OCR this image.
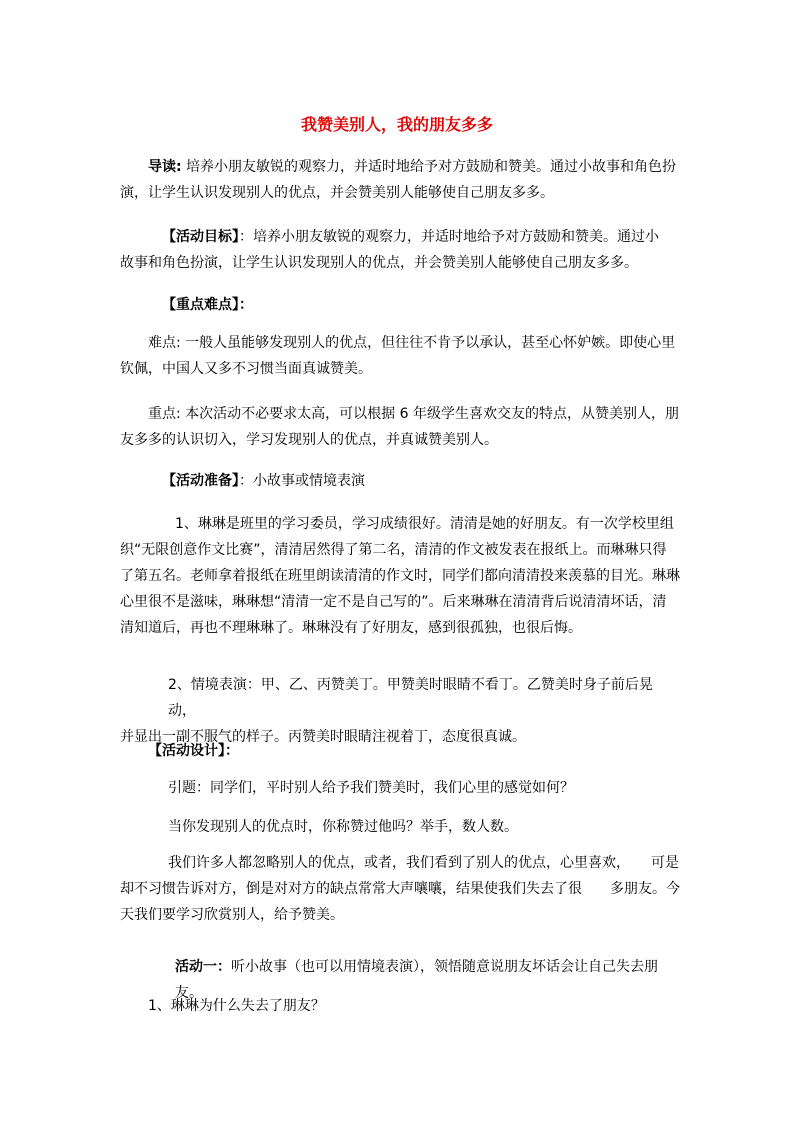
我赞美别人，我的朋友多多
导读: 培养小朋友敏锐的观察力，并适时地给予对方鼓励和赞美。通过小故事和角色扮
演，让学生认识发现别人的优点，并会赞美别人能够使自己朋友多多。
【活动目标】：培养小朋友敏锐的观察力，并适时地给予对方鼓励和赞美。通过小
故事和角色扮演，让学生认识发现别人的优点，并会赞美别人能够使自己朋友多多。
【重点难点】：
难点: 一般人虽能够发现别人的优点，但往往不肯予以承认，甚至心怀妒嫉。即使心里
钦佩，中国人又多不习惯当面真诚赞美。
重点: 本次活动不必要求太高，可以根据 6 年级学生喜欢交友的特点，从赞美别人，朋
友多多的认识切入，学习发现别人的优点，并真诚赞美别人。
【活动准备】：小故事或情境表演
1、琳琳是班里的学习委员，学习成绩很好。清清是她的好朋友。有一次学校里组
织“无限创意作文比赛”，清清居然得了第二名，清清的作文被发表在报纸上。而琳琳只得
了第五名。老师拿着报纸在班里朗读清清的作文时，同学们都向清清投来羡慕的目光。琳琳
心里很不是滋味，琳琳想“清清一定不是自己写的”。后来琳琳在清清背后说清清坏话，清
清知道后，再也不理琳琳了。琳琳没有了好朋友，感到很孤独，也很后悔。
2、情境表演：甲、乙、丙赞美丁。甲赞美时眼睛不看丁。乙赞美时身子前后晃动，
并显出一副不服气的样子。丙赞美时眼睛注视着丁，态度很真诚。
【活动设计】：
引题：同学们，平时别人给予我们赞美时，我们心里的感觉如何？
当你发现别人的优点时，你称赞过他吗？举手，数人数。
我们许多人都忽略别人的优点，或者，我们看到了别人的优点，心里喜欢，　　可是
却不习惯告诉对方，倒是对对方的缺点常常大声嚷嚷，结果使我们失去了很　　多朋友。今
天我们要学习欣赏别人，给予赞美。
活动一：听小故事（也可以用情境表演），领悟随意说朋友坏话会让自己失去朋友。
1、琳琳为什么失去了朋友？
